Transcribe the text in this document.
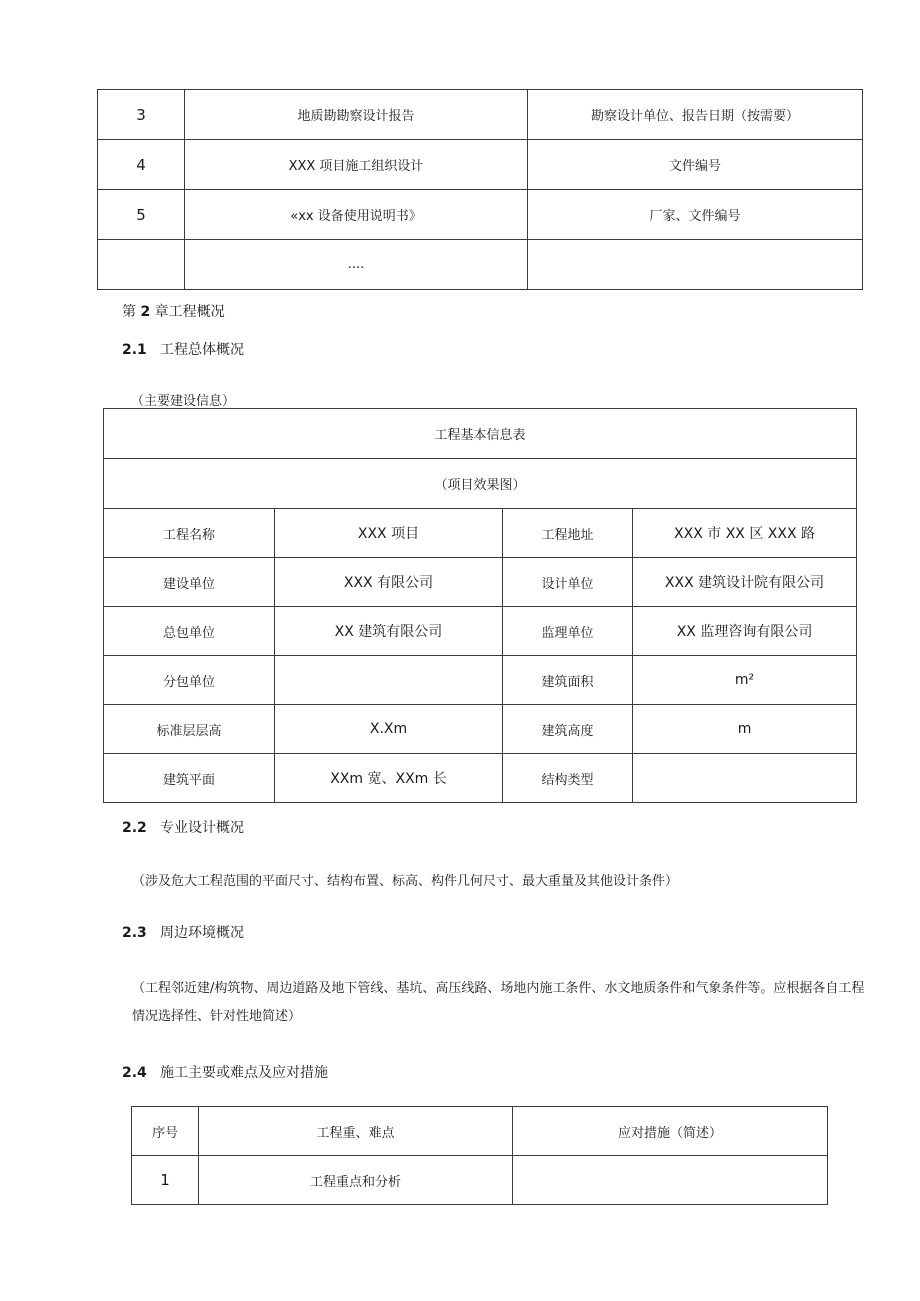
3	地质勘勘察设计报告	勘察设计单位、报告日期（按需要）
4	XXX 项目施工组织设计	文件编号
5	«xx 设备使用说明书》	厂家、文件编号
	....	

第 2 章工程概况

2.1 工程总体概况

（主要建设信息）

工程基本信息表			
（项目效果图）			
工程名称	XXX 项目	工程地址	XXX 市 XX 区 XXX 路
建设单位	XXX 有限公司	设计单位	XXX 建筑设计院有限公司
总包单位	XX 建筑有限公司	监理单位	XX 监理咨询有限公司
分包单位		建筑面积	m²
标准层层高	X.Xm	建筑高度	m
建筑平面	XXm 宽、XXm 长	结构类型	

2.2 专业设计概况

（涉及危大工程范围的平面尺寸、结构布置、标高、构件几何尺寸、最大重量及其他设计条件）

2.3 周边环境概况

（工程邻近建/构筑物、周边道路及地下管线、基坑、高压线路、场地内施工条件、水文地质条件和气象条件等。应根据各自工程情况选择性、针对性地简述）

2.4 施工主要或难点及应对措施

序号	工程重、难点	应对措施（简述）
1	工程重点和分析	
